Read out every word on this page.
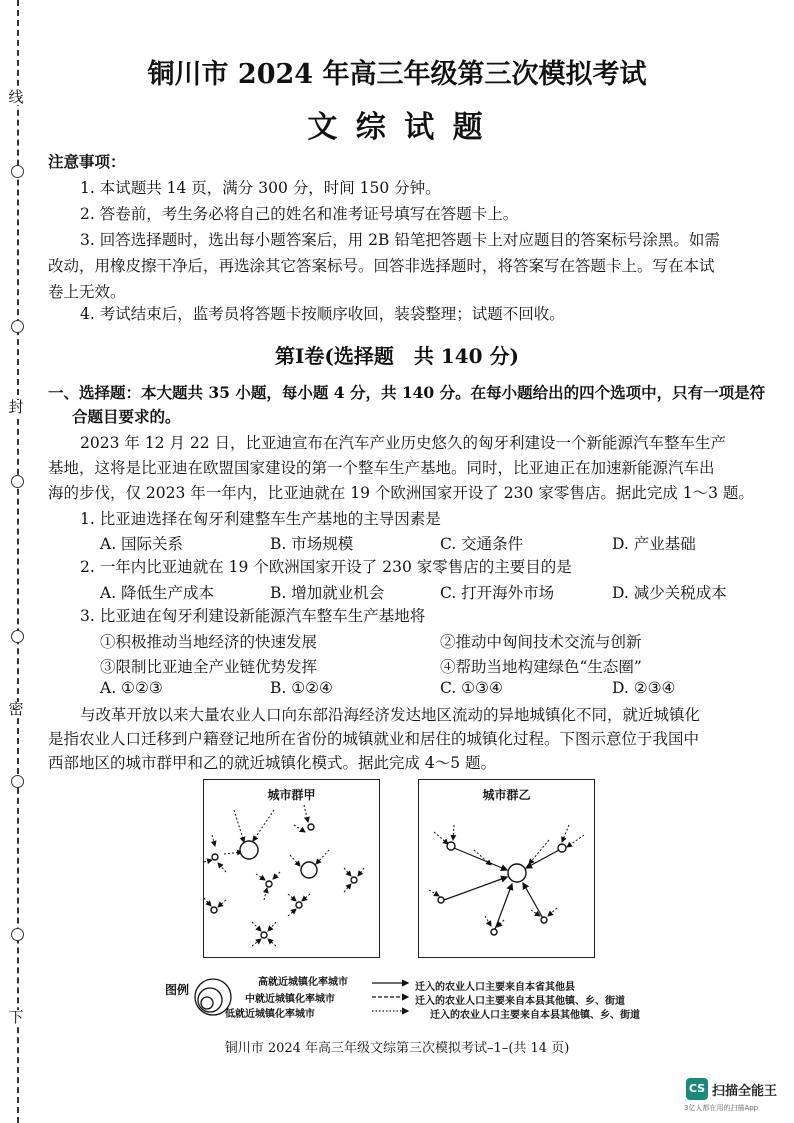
线
封
密
下
铜川市 2024 年高三年级第三次模拟考试
文 综 试 题
注意事项：
1. 本试题共 14 页，满分 300 分，时间 150 分钟。
2. 答卷前，考生务必将自己的姓名和准考证号填写在答题卡上。
3. 回答选择题时，选出每小题答案后，用 2B 铅笔把答题卡上对应题目的答案标号涂黑。如需
改动，用橡皮擦干净后，再选涂其它答案标号。回答非选择题时，将答案写在答题卡上。写在本试
卷上无效。
4. 考试结束后，监考员将答题卡按顺序收回，装袋整理；试题不回收。
第Ⅰ卷(选择题　共 140 分)
一、选择题：本大题共 35 小题，每小题 4 分，共 140 分。在每小题给出的四个选项中，只有一项是符
合题目要求的。
2023 年 12 月 22 日，比亚迪宣布在汽车产业历史悠久的匈牙利建设一个新能源汽车整车生产
基地，这将是比亚迪在欧盟国家建设的第一个整车生产基地。同时，比亚迪正在加速新能源汽车出
海的步伐，仅 2023 年一年内，比亚迪就在 19 个欧洲国家开设了 230 家零售店。据此完成 1～3 题。
1. 比亚迪选择在匈牙利建整车生产基地的主导因素是
A. 国际关系	B. 市场规模	C. 交通条件	D. 产业基础
2. 一年内比亚迪就在 19 个欧洲国家开设了 230 家零售店的主要目的是
A. 降低生产成本	B. 增加就业机会	C. 打开海外市场	D. 减少关税成本
3. 比亚迪在匈牙利建设新能源汽车整车生产基地将
①积极推动当地经济的快速发展	②推动中匈间技术交流与创新
③限制比亚迪全产业链优势发挥	④帮助当地构建绿色“生态圈”
A. ①②③	B. ①②④	C. ①③④	D. ②③④
与改革开放以来大量农业人口向东部沿海经济发达地区流动的异地城镇化不同，就近城镇化
是指农业人口迁移到户籍登记地所在省份的城镇就业和居住的城镇化过程。下图示意位于我国中
西部地区的城市群甲和乙的就近城镇化模式。据此完成 4～5 题。
城市群甲	城市群乙
图例
高就近城镇化率城市
中就近城镇化率城市
低就近城镇化率城市
迁入的农业人口主要来自本省其他县
迁入的农业人口主要来自本县其他镇、乡、街道
迁入的农业人口主要来自本县其他镇、乡、街道
铜川市 2024 年高三年级文综第三次模拟考试–1–(共 14 页)
CS 扫描全能王
3亿人都在用的扫描App
